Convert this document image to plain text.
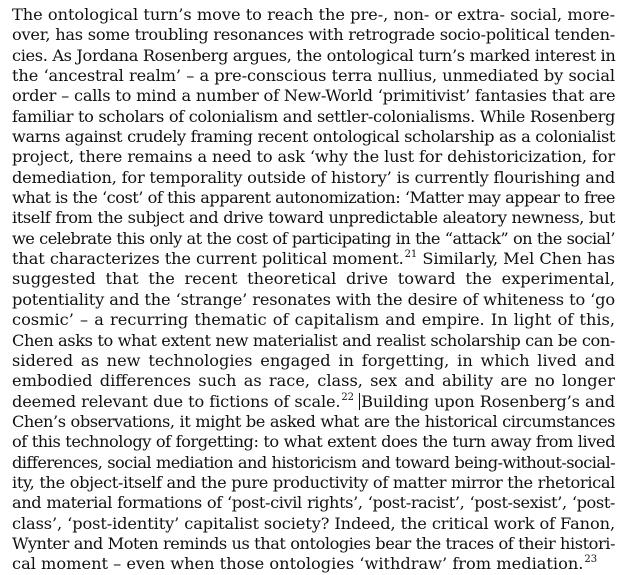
The ontological turn’s move to reach the pre-, non- or extra- social, more-
over, has some troubling resonances with retrograde socio-political tenden-
cies. As Jordana Rosenberg argues, the ontological turn’s marked interest in
the ‘ancestral realm’ – a pre-conscious terra nullius, unmediated by social
order – calls to mind a number of New-World ‘primitivist’ fantasies that are
familiar to scholars of colonialism and settler-colonialisms. While Rosenberg
warns against crudely framing recent ontological scholarship as a colonialist
project, there remains a need to ask ‘why the lust for dehistoricization, for
demediation, for temporality outside of history’ is currently flourishing and
what is the ‘cost’ of this apparent autonomization: ‘Matter may appear to free
itself from the subject and drive toward unpredictable aleatory newness, but
we celebrate this only at the cost of participating in the “attack” on the social’
that characterizes the current political moment.$^{21}$ Similarly, Mel Chen has
suggested that the recent theoretical drive toward the experimental,
potentiality and the ‘strange’ resonates with the desire of whiteness to ‘go
cosmic’ – a recurring thematic of capitalism and empire. In light of this,
Chen asks to what extent new materialist and realist scholarship can be con-
sidered as new technologies engaged in forgetting, in which lived and
embodied differences such as race, class, sex and ability are no longer
deemed relevant due to fictions of scale.$^{22}$ Building upon Rosenberg’s and
Chen’s observations, it might be asked what are the historical circumstances
of this technology of forgetting: to what extent does the turn away from lived
differences, social mediation and historicism and toward being-without-social-
ity, the object-itself and the pure productivity of matter mirror the rhetorical
and material formations of ‘post-civil rights’, ‘post-racist’, ‘post-sexist’, ‘post-
class’, ‘post-identity’ capitalist society? Indeed, the critical work of Fanon,
Wynter and Moten reminds us that ontologies bear the traces of their histori-
cal moment – even when those ontologies ‘withdraw’ from mediation.$^{23}$
